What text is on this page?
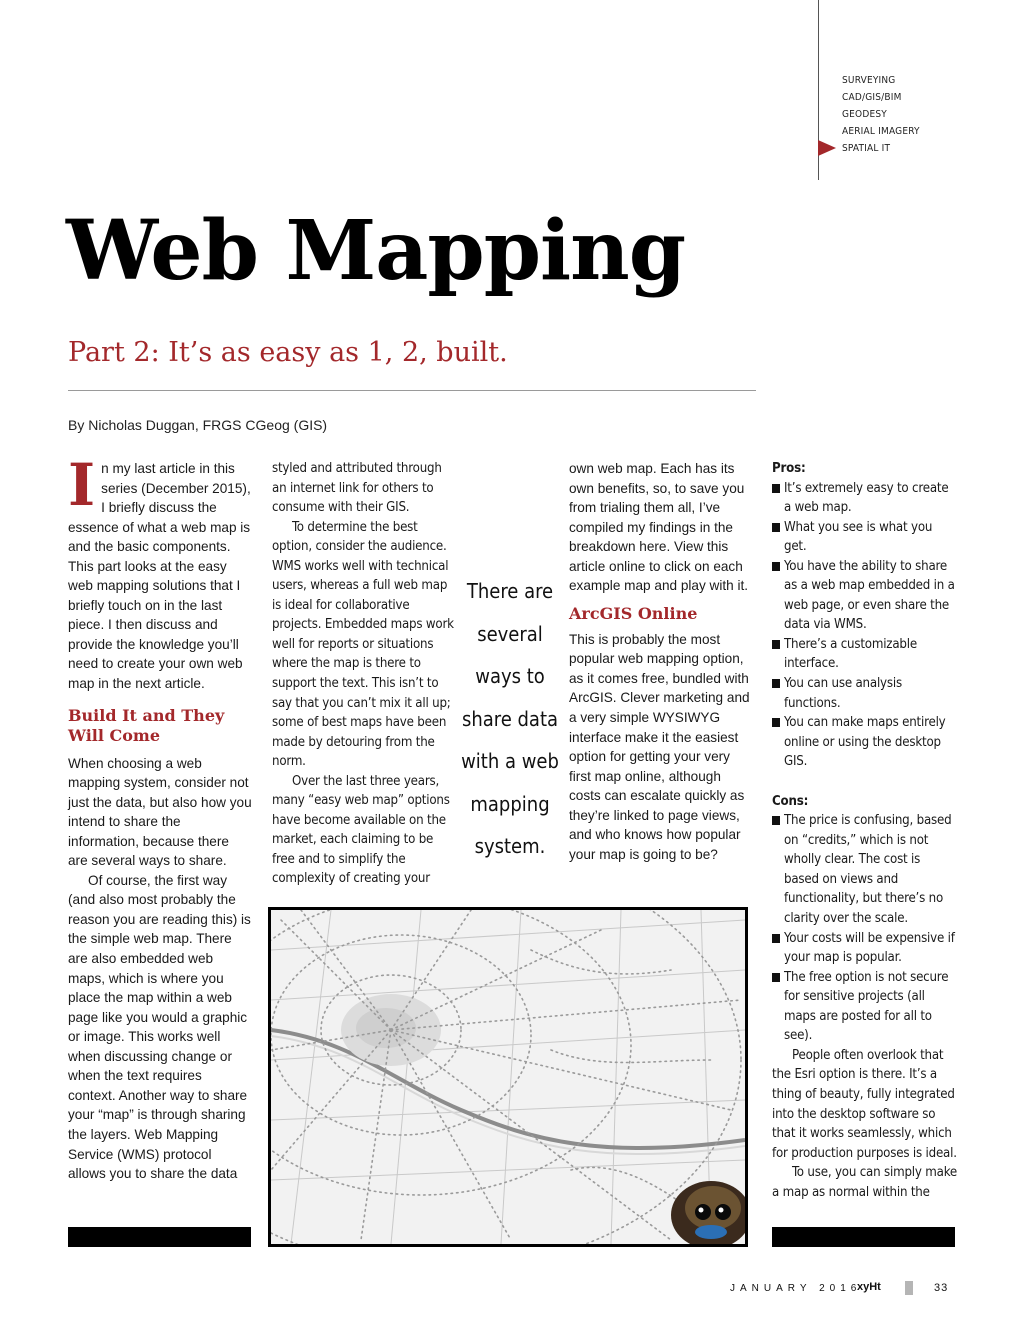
SURVEYING
CAD/GIS/BIM
GEODESY
AERIAL IMAGERY
SPATIAL IT
Web Mapping
Part 2: It’s as easy as 1, 2, built.
By Nicholas Duggan, FRGS CGeog (GIS)

In my last article in this series (December 2015), I briefly discuss the essence of what a web map is and the basic components. This part looks at the easy web mapping solutions that I briefly touch on in the last piece. I then discuss and provide the knowledge you’ll need to create your own web map in the next article.

Build It and They Will Come

When choosing a web mapping system, consider not just the data, but also how you intend to share the information, because there are several ways to share.

Of course, the first way (and also most probably the reason you are reading this) is the simple web map. There are also embedded web maps, which is where you place the map within a web page like you would a graphic or image. This works well when discussing change or when the text requires context. Another way to share your “map” is through sharing the layers. Web Mapping Service (WMS) protocol allows you to share the data

styled and attributed through an internet link for others to consume with their GIS.

To determine the best option, consider the audience. WMS works well with technical users, whereas a full web map is ideal for collaborative projects. Embedded maps work well for reports or situations where the map is there to support the text. This isn’t to say that you can’t mix it all up; some of best maps have been made by detouring from the norm.

Over the last three years, many “easy web map” options have become available on the market, each claiming to be free and to simplify the complexity of creating your

There are several ways to share data with a web mapping system.

own web map. Each has its own benefits, so, to save you from trialing them all, I’ve compiled my findings in the breakdown here. View this article online to click on each example map and play with it.

ArcGIS Online

This is probably the most popular web mapping option, as it comes free, bundled with ArcGIS. Clever marketing and a very simple WYSIWYG interface make it the easiest option for getting your very first map online, although costs can escalate quickly as they’re linked to page views, and who knows how popular your map is going to be?

Pros:
It’s extremely easy to create a web map.
What you see is what you get.
You have the ability to share as a web map embedded in a web page, or even share the data via WMS.
There’s a customizable interface.
You can use analysis functions.
You can make maps entirely online or using the desktop GIS.
Cons:
The price is confusing, based on “credits,” which is not wholly clear. The cost is based on views and functionality, but there’s no clarity over the scale.
Your costs will be expensive if your map is popular.
The free option is not secure for sensitive projects (all maps are posted for all to see).

People often overlook that the Esri option is there. It’s a thing of beauty, fully integrated into the desktop software so that it works seamlessly, which for production purposes is ideal.

To use, you can simply make a map as normal within the

JANUARY 2016
xyHt	33
